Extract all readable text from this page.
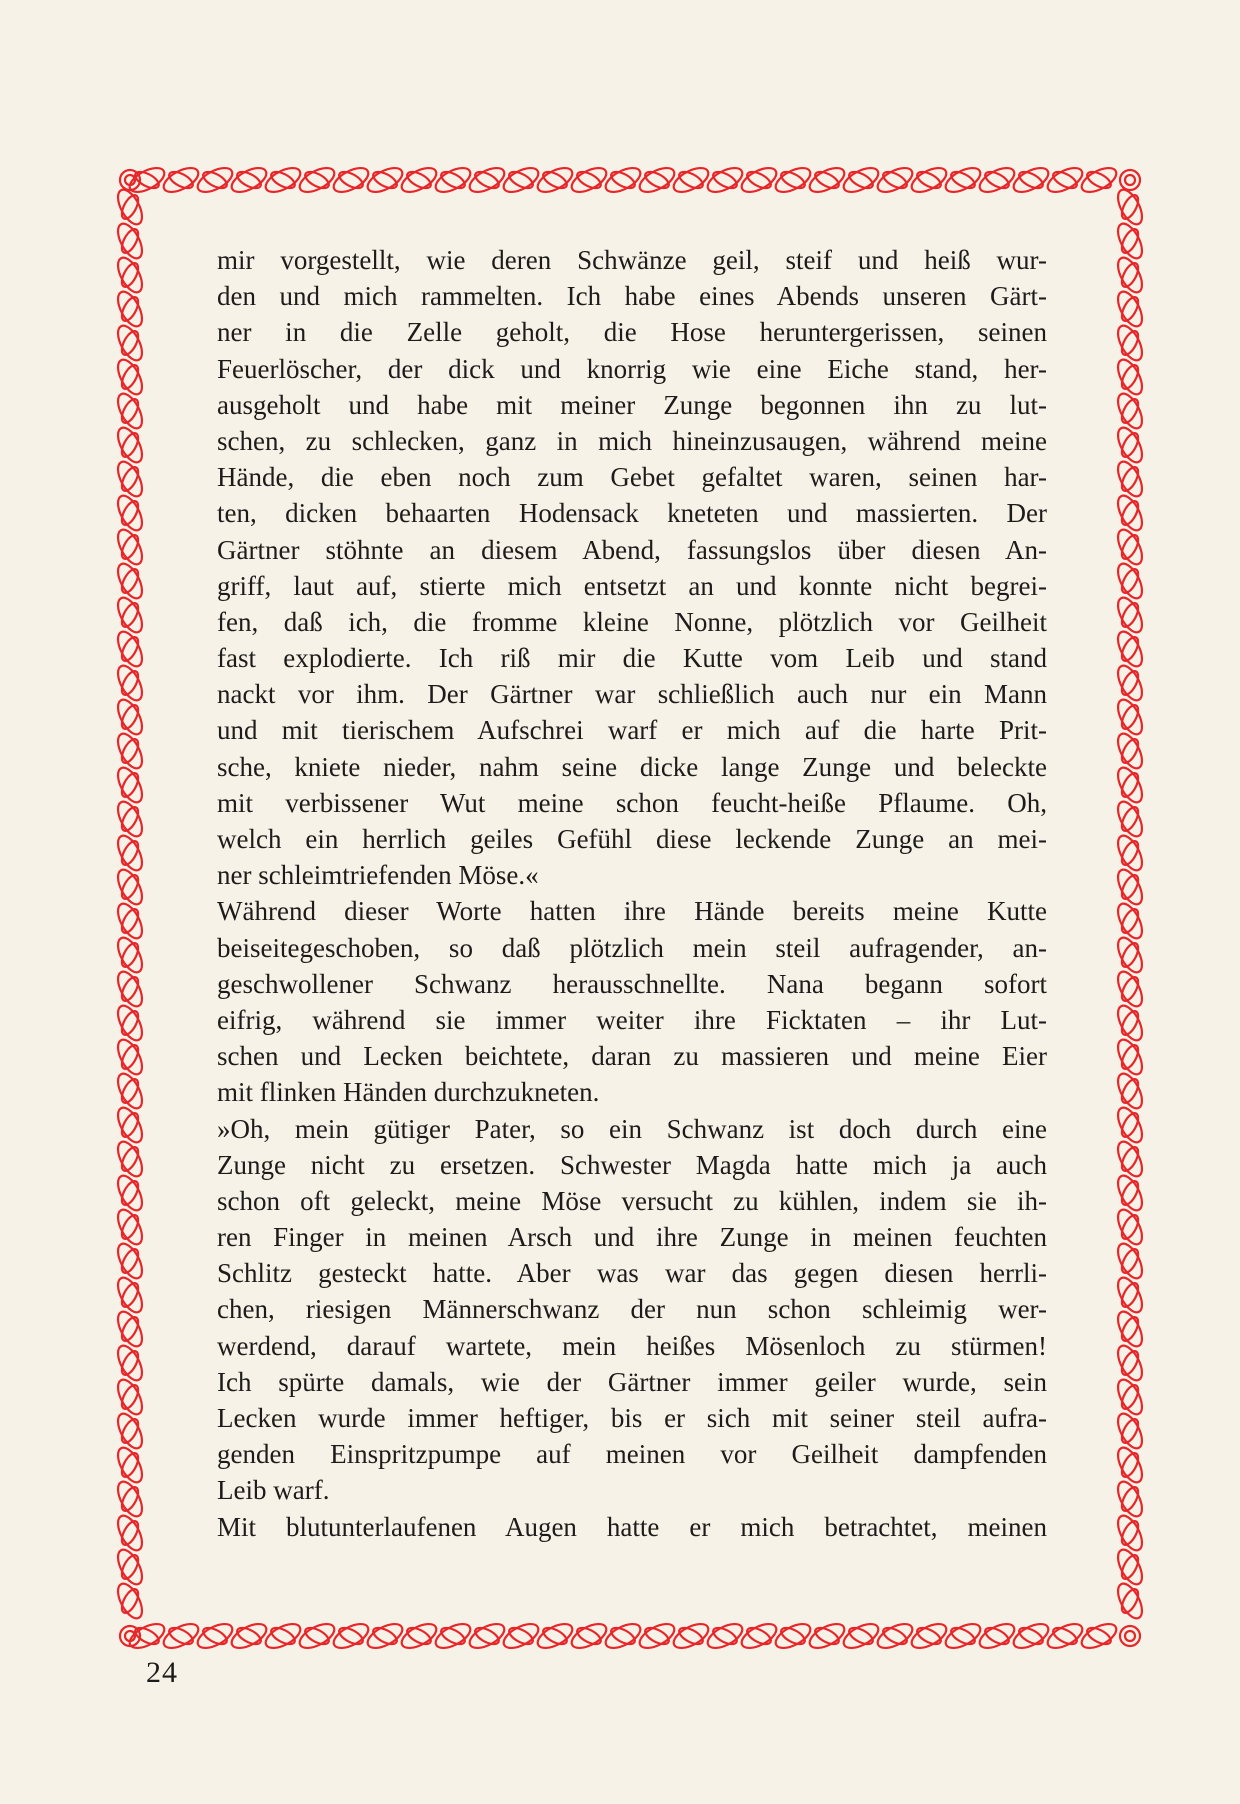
mir vorgestellt, wie deren Schwänze geil, steif und heiß wur-
den und mich rammelten. Ich habe eines Abends unseren Gärt-
ner in die Zelle geholt, die Hose heruntergerissen, seinen
Feuerlöscher, der dick und knorrig wie eine Eiche stand, her-
ausgeholt und habe mit meiner Zunge begonnen ihn zu lut-
schen, zu schlecken, ganz in mich hineinzusaugen, während meine
Hände, die eben noch zum Gebet gefaltet waren, seinen har-
ten, dicken behaarten Hodensack kneteten und massierten. Der
Gärtner stöhnte an diesem Abend, fassungslos über diesen An-
griff, laut auf, stierte mich entsetzt an und konnte nicht begrei-
fen, daß ich, die fromme kleine Nonne, plötzlich vor Geilheit
fast explodierte. Ich riß mir die Kutte vom Leib und stand
nackt vor ihm. Der Gärtner war schließlich auch nur ein Mann
und mit tierischem Aufschrei warf er mich auf die harte Prit-
sche, kniete nieder, nahm seine dicke lange Zunge und beleckte
mit verbissener Wut meine schon feucht-heiße Pflaume. Oh,
welch ein herrlich geiles Gefühl diese leckende Zunge an mei-
ner schleimtriefenden Möse.«
Während dieser Worte hatten ihre Hände bereits meine Kutte
beiseitegeschoben, so daß plötzlich mein steil aufragender, an-
geschwollener Schwanz herausschnellte. Nana begann sofort
eifrig, während sie immer weiter ihre Ficktaten – ihr Lut-
schen und Lecken beichtete, daran zu massieren und meine Eier
mit flinken Händen durchzukneten.
»Oh, mein gütiger Pater, so ein Schwanz ist doch durch eine
Zunge nicht zu ersetzen. Schwester Magda hatte mich ja auch
schon oft geleckt, meine Möse versucht zu kühlen, indem sie ih-
ren Finger in meinen Arsch und ihre Zunge in meinen feuchten
Schlitz gesteckt hatte. Aber was war das gegen diesen herrli-
chen, riesigen Männerschwanz der nun schon schleimig wer-
werdend, darauf wartete, mein heißes Mösenloch zu stürmen!
Ich spürte damals, wie der Gärtner immer geiler wurde, sein
Lecken wurde immer heftiger, bis er sich mit seiner steil aufra-
genden Einspritzpumpe auf meinen vor Geilheit dampfenden
Leib warf.
Mit blutunterlaufenen Augen hatte er mich betrachtet, meinen
24
